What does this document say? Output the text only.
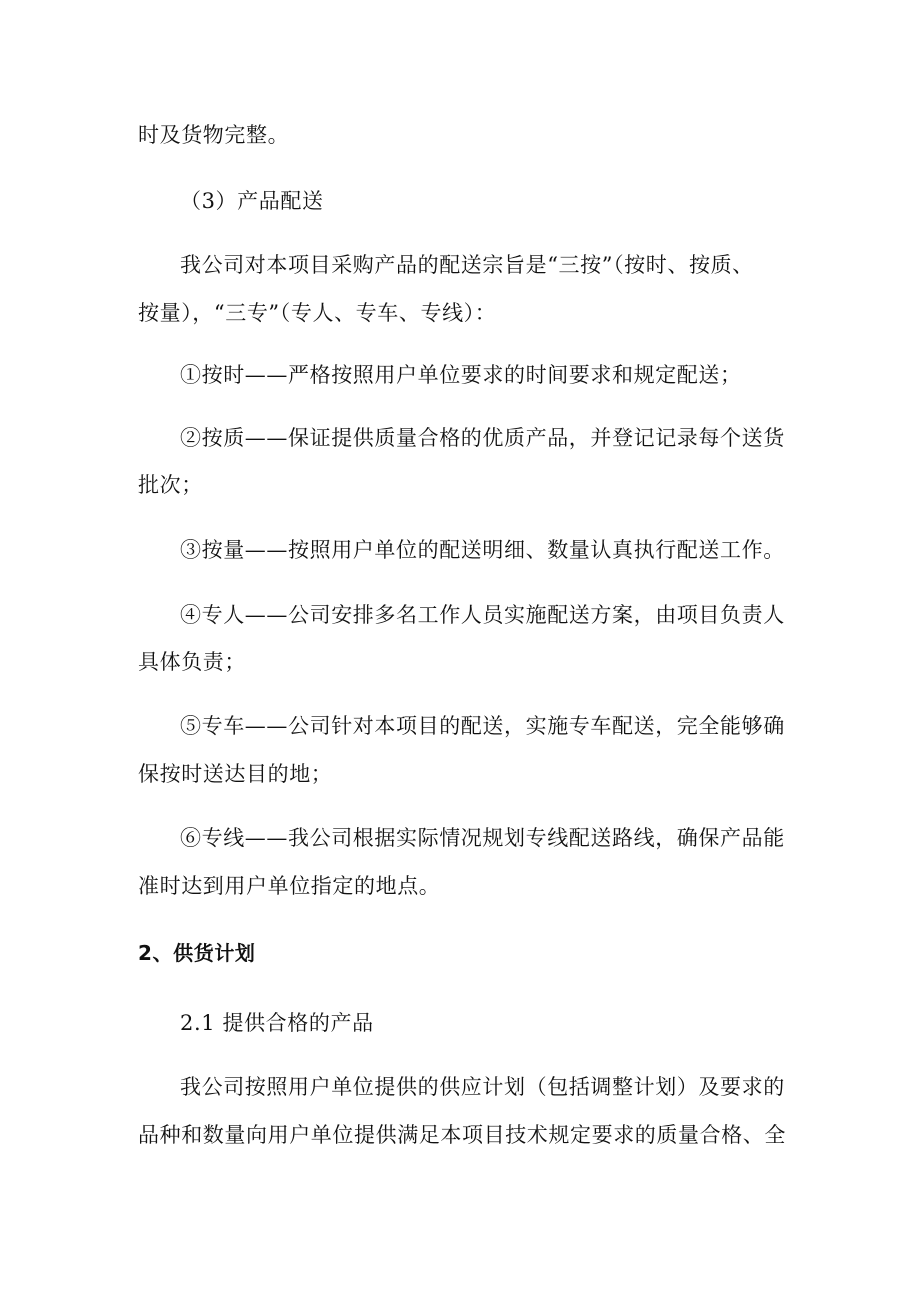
时及货物完整。
（3）产品配送
我公司对本项目采购产品的配送宗旨是“三按”（按时、按质、
按量），“三专”（专人、专车、专线）：
①按时——严格按照用户单位要求的时间要求和规定配送；
②按质——保证提供质量合格的优质产品，并登记记录每个送货
批次；
③按量——按照用户单位的配送明细、数量认真执行配送工作。
④专人——公司安排多名工作人员实施配送方案，由项目负责人
具体负责；
⑤专车——公司针对本项目的配送，实施专车配送，完全能够确
保按时送达目的地；
⑥专线——我公司根据实际情况规划专线配送路线，确保产品能
准时达到用户单位指定的地点。
2、供货计划
2.1 提供合格的产品
我公司按照用户单位提供的供应计划（包括调整计划）及要求的
品种和数量向用户单位提供满足本项目技术规定要求的质量合格、全
